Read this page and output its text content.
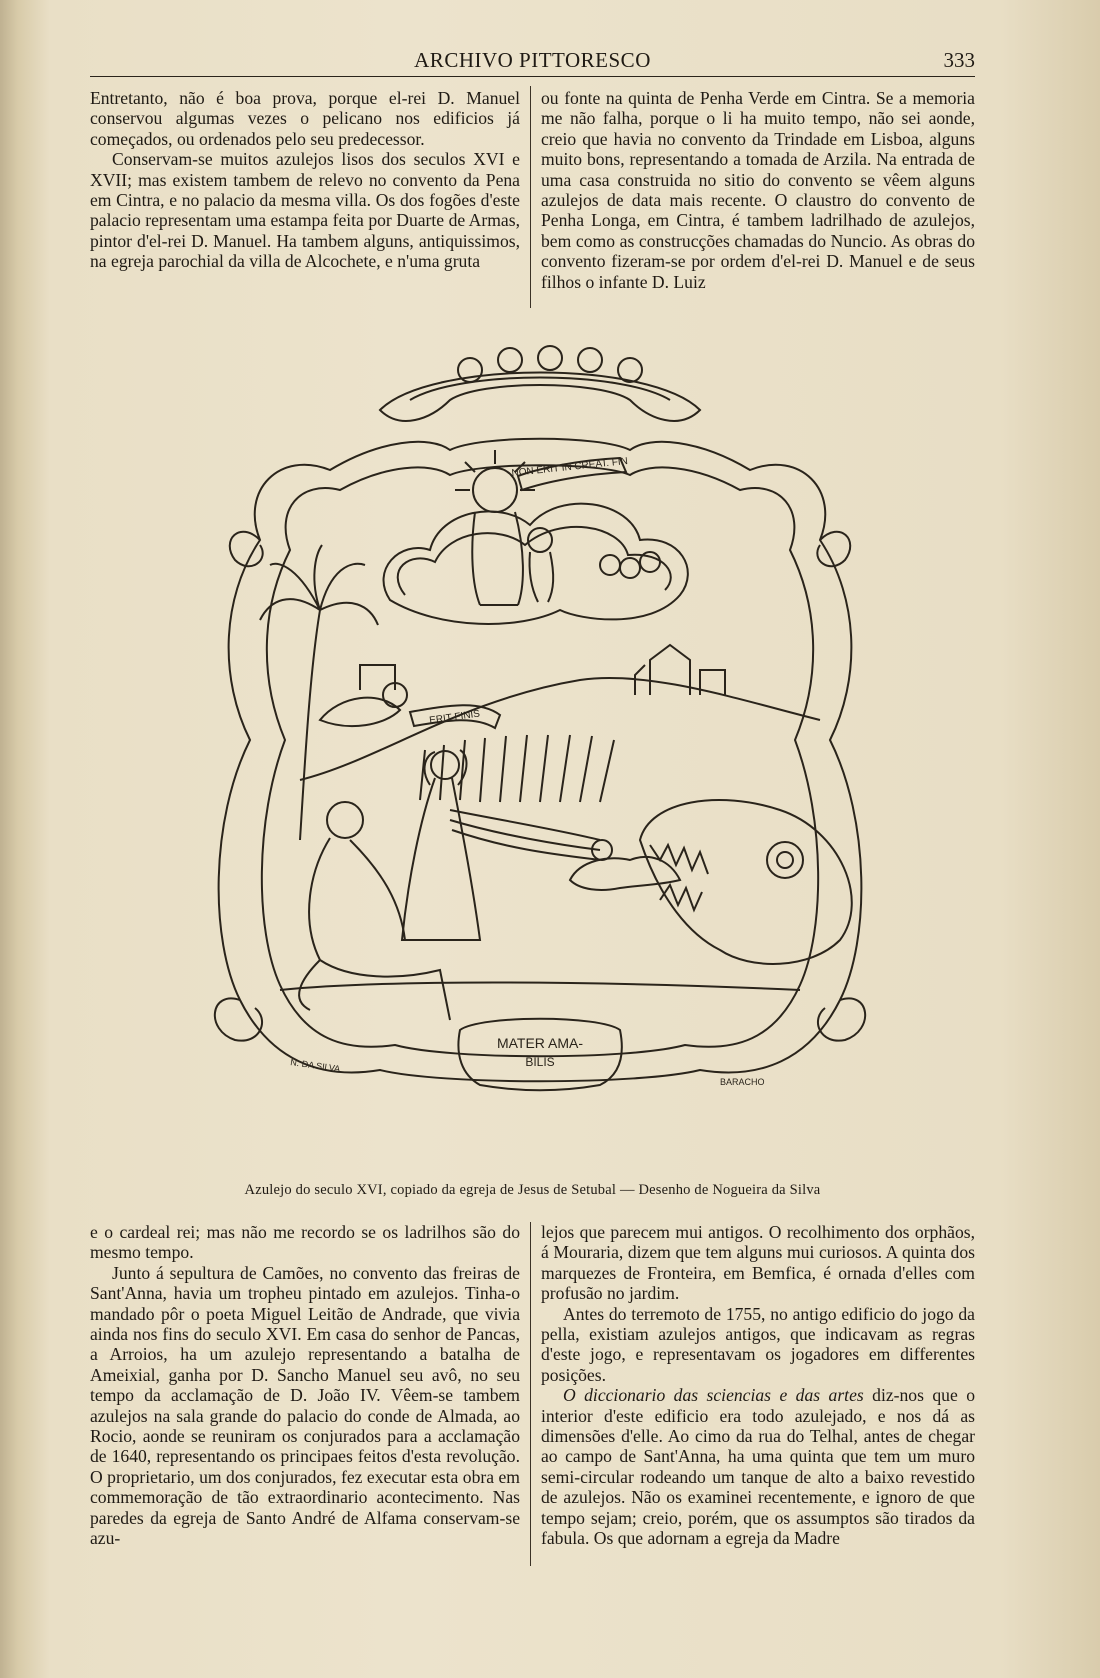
ARCHIVO PITTORESCO	333

Entretanto, não é boa prova, porque el-rei D. Manuel conservou algumas vezes o pelicano nos edificios já começados, ou ordenados pelo seu predecessor.

Conservam-se muitos azulejos lisos dos seculos XVI e XVII; mas existem tambem de relevo no convento da Pena em Cintra, e no palacio da mesma villa. Os dos fogões d'este palacio representam uma estampa feita por Duarte de Armas, pintor d'el-rei D. Manuel. Ha tambem alguns, antiquissimos, na egreja parochial da villa de Alcochete, e n'uma gruta

ou fonte na quinta de Penha Verde em Cintra. Se a memoria me não falha, porque o li ha muito tempo, não sei aonde, creio que havia no convento da Trindade em Lisboa, alguns muito bons, representando a tomada de Arzila. Na entrada de uma casa construida no sitio do convento se vêem alguns azulejos de data mais recente. O claustro do convento de Penha Longa, em Cintra, é tambem ladrilhado de azulejos, bem como as construcções chamadas do Nuncio. As obras do convento fizeram-se por ordem d'el-rei D. Manuel e de seus filhos o infante D. Luiz

NON ERIT IN CREAT. FIN
ERIT FINIS
MATER AMA-
BILIS
N. DA SILVA
BARACHO
Azulejo do seculo XVI, copiado da egreja de Jesus de Setubal — Desenho de Nogueira da Silva

e o cardeal rei; mas não me recordo se os ladrilhos são do mesmo tempo.

Junto á sepultura de Camões, no convento das freiras de Sant'Anna, havia um tropheu pintado em azulejos. Tinha-o mandado pôr o poeta Miguel Leitão de Andrade, que vivia ainda nos fins do seculo XVI. Em casa do senhor de Pancas, a Arroios, ha um azulejo representando a batalha de Ameixial, ganha por D. Sancho Manuel seu avô, no seu tempo da acclamação de D. João IV. Vêem-se tambem azulejos na sala grande do palacio do conde de Almada, ao Rocio, aonde se reuniram os conjurados para a acclamação de 1640, representando os principaes feitos d'esta revolução. O proprietario, um dos conjurados, fez executar esta obra em commemoração de tão extraordinario acontecimento. Nas paredes da egreja de Santo André de Alfama conservam-se azu-

lejos que parecem mui antigos. O recolhimento dos orphãos, á Mouraria, dizem que tem alguns mui curiosos. A quinta dos marquezes de Fronteira, em Bemfica, é ornada d'elles com profusão no jardim.

Antes do terremoto de 1755, no antigo edificio do jogo da pella, existiam azulejos antigos, que indicavam as regras d'este jogo, e representavam os jogadores em differentes posições.

O diccionario das sciencias e das artes diz-nos que o interior d'este edificio era todo azulejado, e nos dá as dimensões d'elle. Ao cimo da rua do Telhal, antes de chegar ao campo de Sant'Anna, ha uma quinta que tem um muro semi-circular rodeando um tanque de alto a baixo revestido de azulejos. Não os examinei recentemente, e ignoro de que tempo sejam; creio, porém, que os assumptos são tirados da fabula. Os que adornam a egreja da Madre
